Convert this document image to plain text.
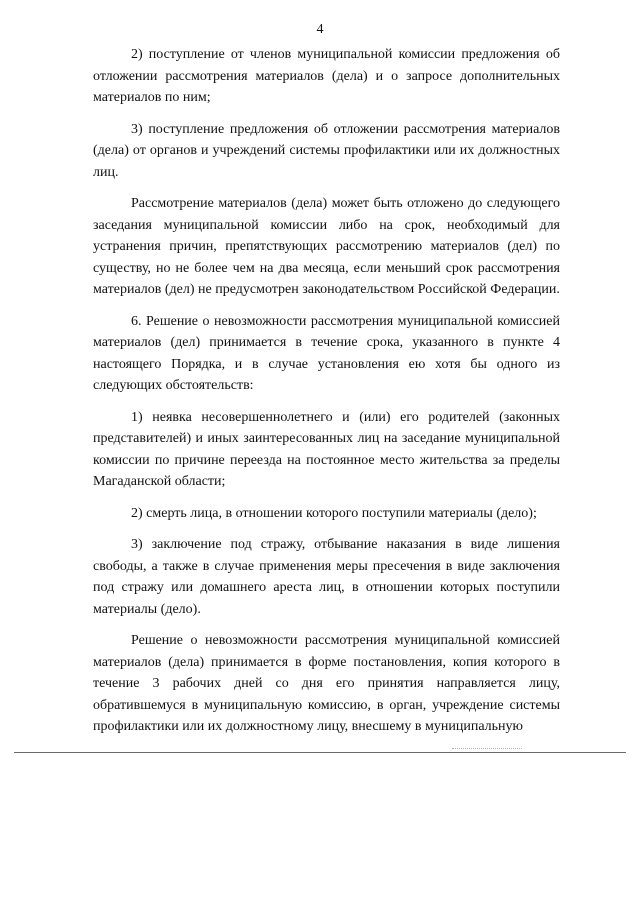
4

2) поступление от членов муниципальной комиссии предложения об отложении рассмотрения материалов (дела) и о запросе дополнительных материалов по ним;

3) поступление предложения об отложении рассмотрения материалов (дела) от органов и учреждений системы профилактики или их должностных лиц.

Рассмотрение материалов (дела) может быть отложено до следующего заседания муниципальной комиссии либо на срок, необходимый для устранения причин, препятствующих рассмотрению материалов (дел) по существу, но не более чем на два месяца, если меньший срок рассмотрения материалов (дел) не предусмотрен законодательством Российской Федерации.

6. Решение о невозможности рассмотрения муниципальной комиссией материалов (дел) принимается в течение срока, указанного в пункте 4 настоящего Порядка, и в случае установления ею хотя бы одного из следующих обстоятельств:

1) неявка несовершеннолетнего и (или) его родителей (законных представителей) и иных заинтересованных лиц на заседание муниципальной комиссии по причине переезда на постоянное место жительства за пределы Магаданской области;

2) смерть лица, в отношении которого поступили материалы (дело);

3) заключение под стражу, отбывание наказания в виде лишения свободы, а также в случае применения меры пресечения в виде заключения под стражу или домашнего ареста лиц, в отношении которых поступили материалы (дело).

Решение о невозможности рассмотрения муниципальной комиссией материалов (дела) принимается в форме постановления, копия которого в течение 3 рабочих дней со дня его принятия направляется лицу, обратившемуся в муниципальную комиссию, в орган, учреждение системы профилактики или их должностному лицу, внесшему в муниципальную
